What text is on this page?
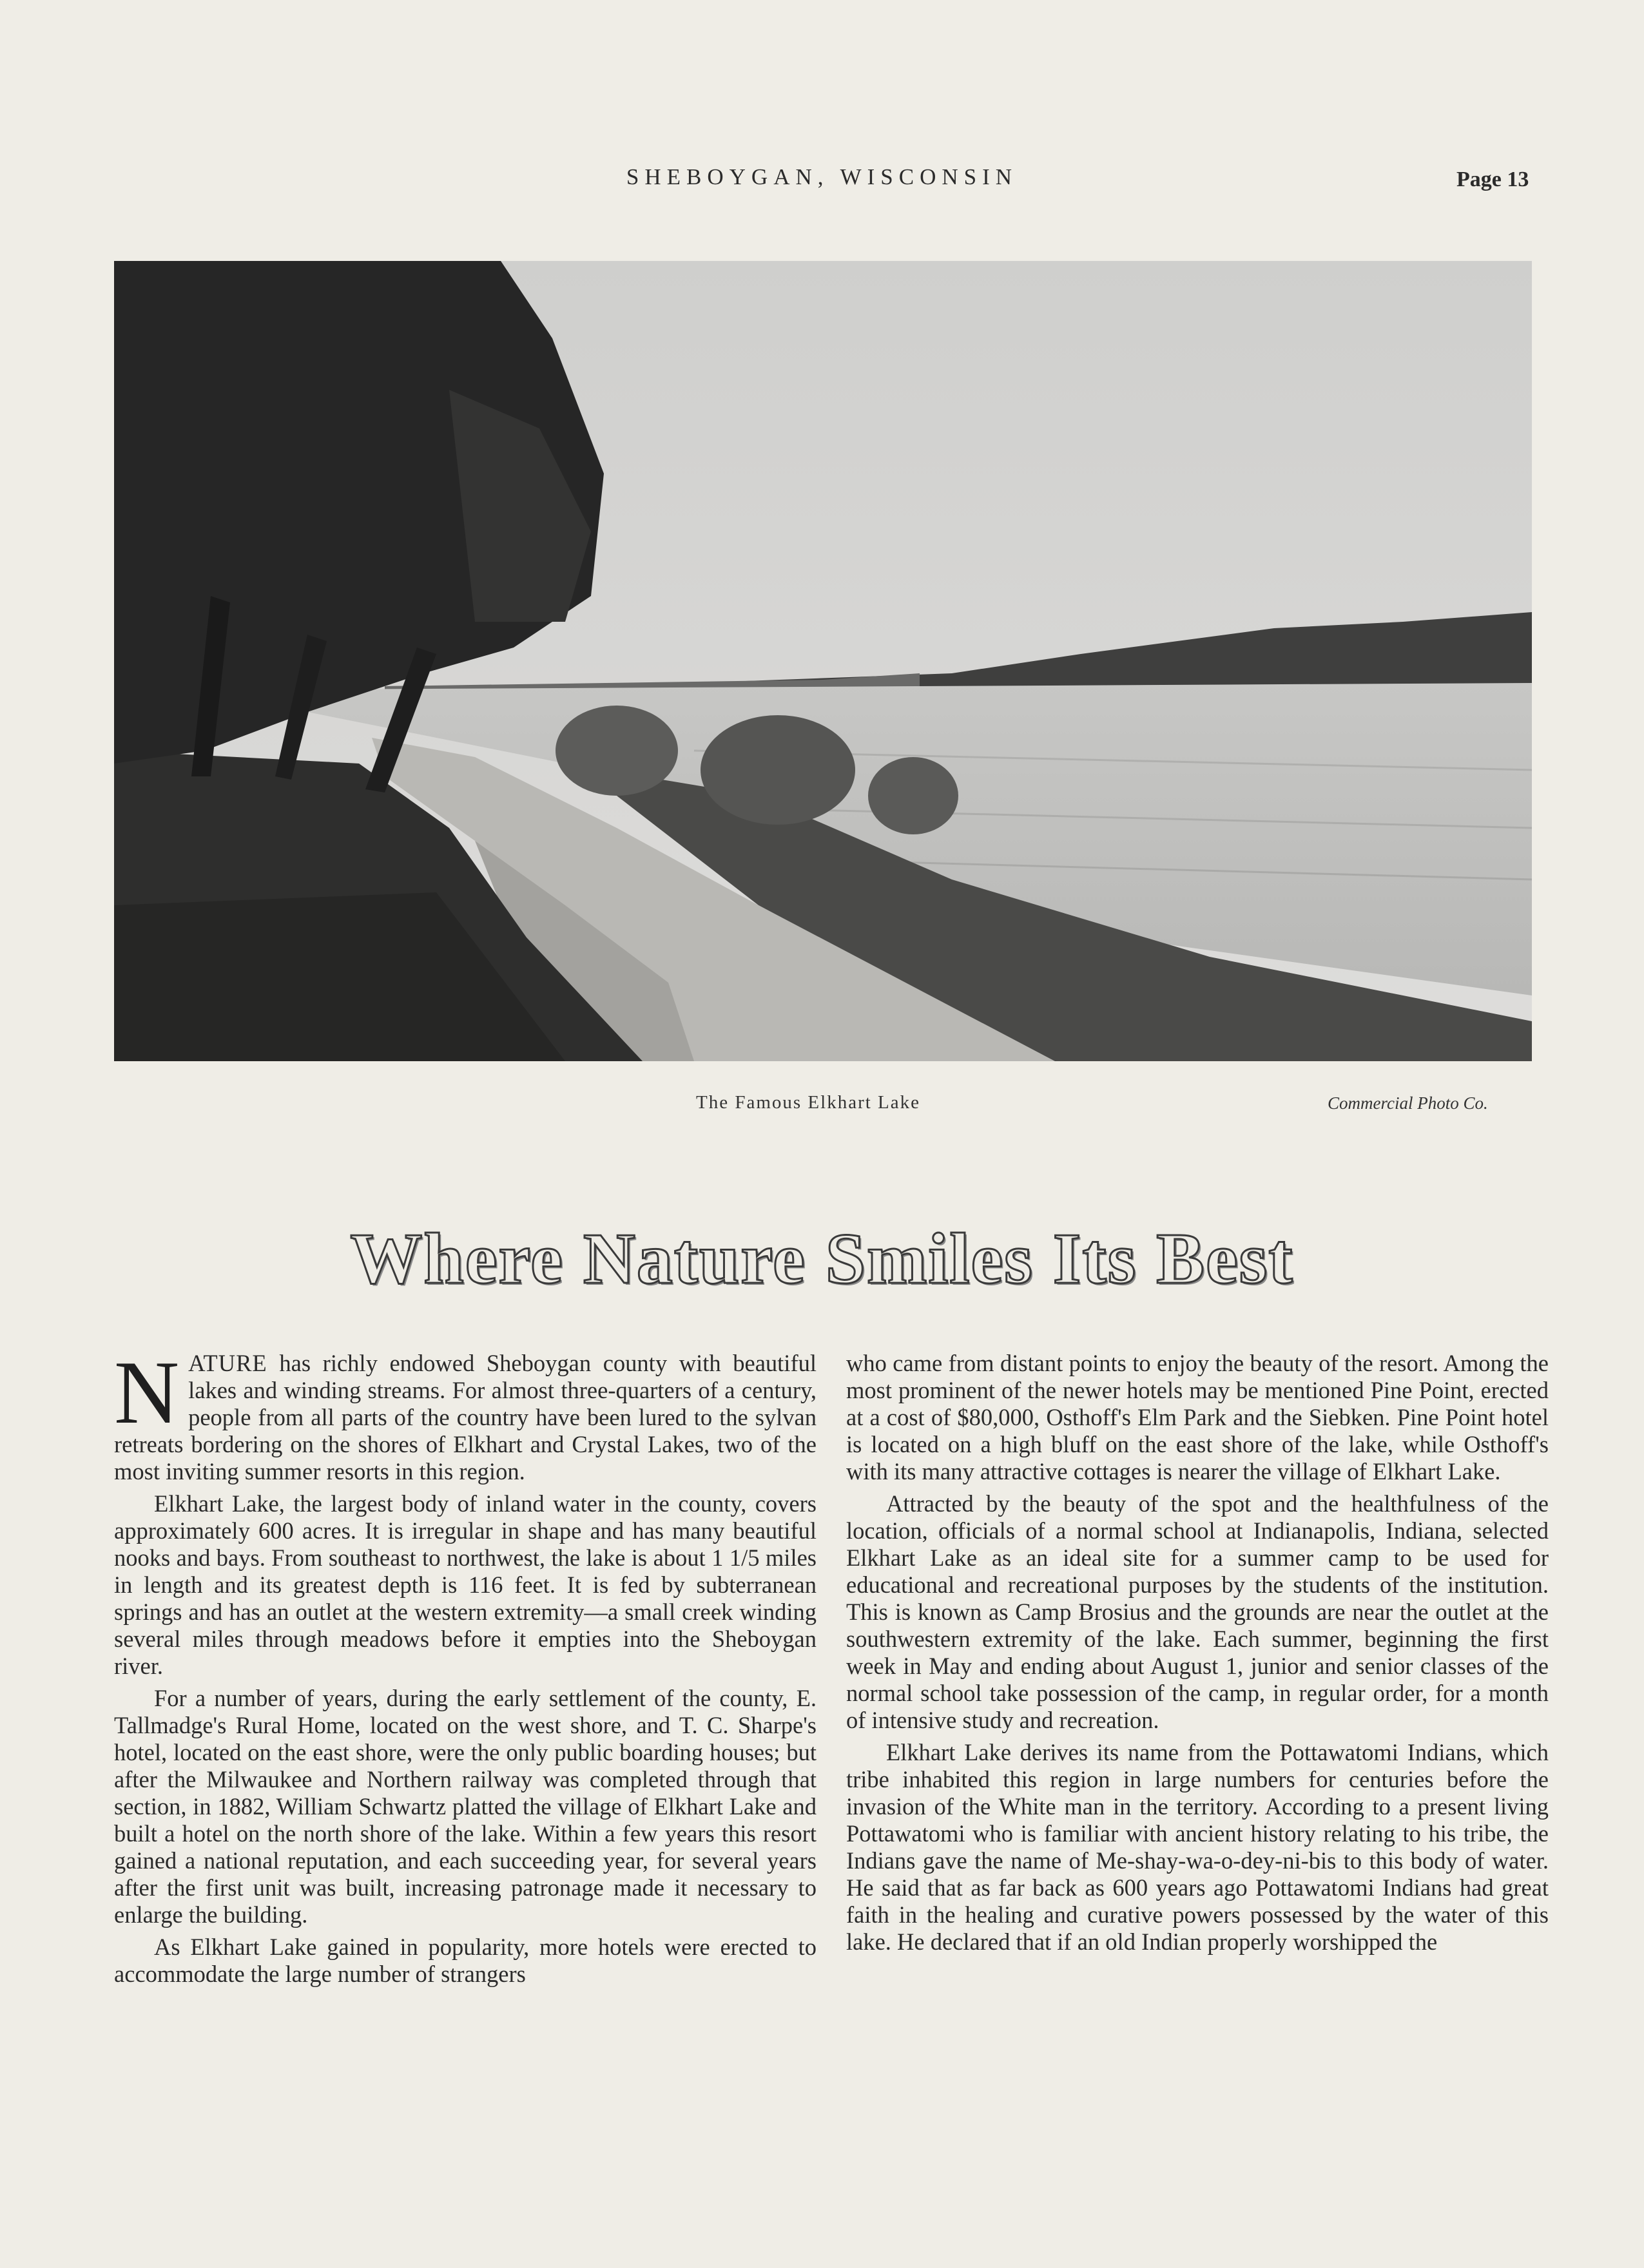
SHEBOYGAN, WISCONSIN	Page 13
The Famous Elkhart Lake	Commercial Photo Co.
Where Nature Smiles Its Best

NATURE has richly endowed Sheboygan county with beautiful lakes and winding streams. For almost three-quarters of a century, people from all parts of the country have been lured to the sylvan retreats bordering on the shores of Elkhart and Crystal Lakes, two of the most inviting summer resorts in this region.

Elkhart Lake, the largest body of inland water in the county, covers approximately 600 acres. It is irregular in shape and has many beautiful nooks and bays. From southeast to northwest, the lake is about 1 1/5 miles in length and its greatest depth is 116 feet. It is fed by subterranean springs and has an outlet at the western extremity—a small creek winding several miles through meadows before it empties into the Sheboygan river.

For a number of years, during the early settlement of the county, E. Tallmadge's Rural Home, located on the west shore, and T. C. Sharpe's hotel, located on the east shore, were the only public boarding houses; but after the Milwaukee and Northern railway was completed through that section, in 1882, William Schwartz platted the village of Elkhart Lake and built a hotel on the north shore of the lake. Within a few years this resort gained a national reputation, and each succeeding year, for several years after the first unit was built, increasing patronage made it necessary to enlarge the building.

As Elkhart Lake gained in popularity, more hotels were erected to accommodate the large number of strangers

who came from distant points to enjoy the beauty of the resort. Among the most prominent of the newer hotels may be mentioned Pine Point, erected at a cost of $80,000, Osthoff's Elm Park and the Siebken. Pine Point hotel is located on a high bluff on the east shore of the lake, while Osthoff's with its many attractive cottages is nearer the village of Elkhart Lake.

Attracted by the beauty of the spot and the healthfulness of the location, officials of a normal school at Indianapolis, Indiana, selected Elkhart Lake as an ideal site for a summer camp to be used for educational and recreational purposes by the students of the institution. This is known as Camp Brosius and the grounds are near the outlet at the southwestern extremity of the lake. Each summer, beginning the first week in May and ending about August 1, junior and senior classes of the normal school take possession of the camp, in regular order, for a month of intensive study and recreation.

Elkhart Lake derives its name from the Pottawatomi Indians, which tribe inhabited this region in large numbers for centuries before the invasion of the White man in the territory. According to a present living Pottawatomi who is familiar with ancient history relating to his tribe, the Indians gave the name of Me-shay-wa-o-dey-ni-bis to this body of water. He said that as far back as 600 years ago Pottawatomi Indians had great faith in the healing and curative powers possessed by the water of this lake. He declared that if an old Indian properly worshipped the
